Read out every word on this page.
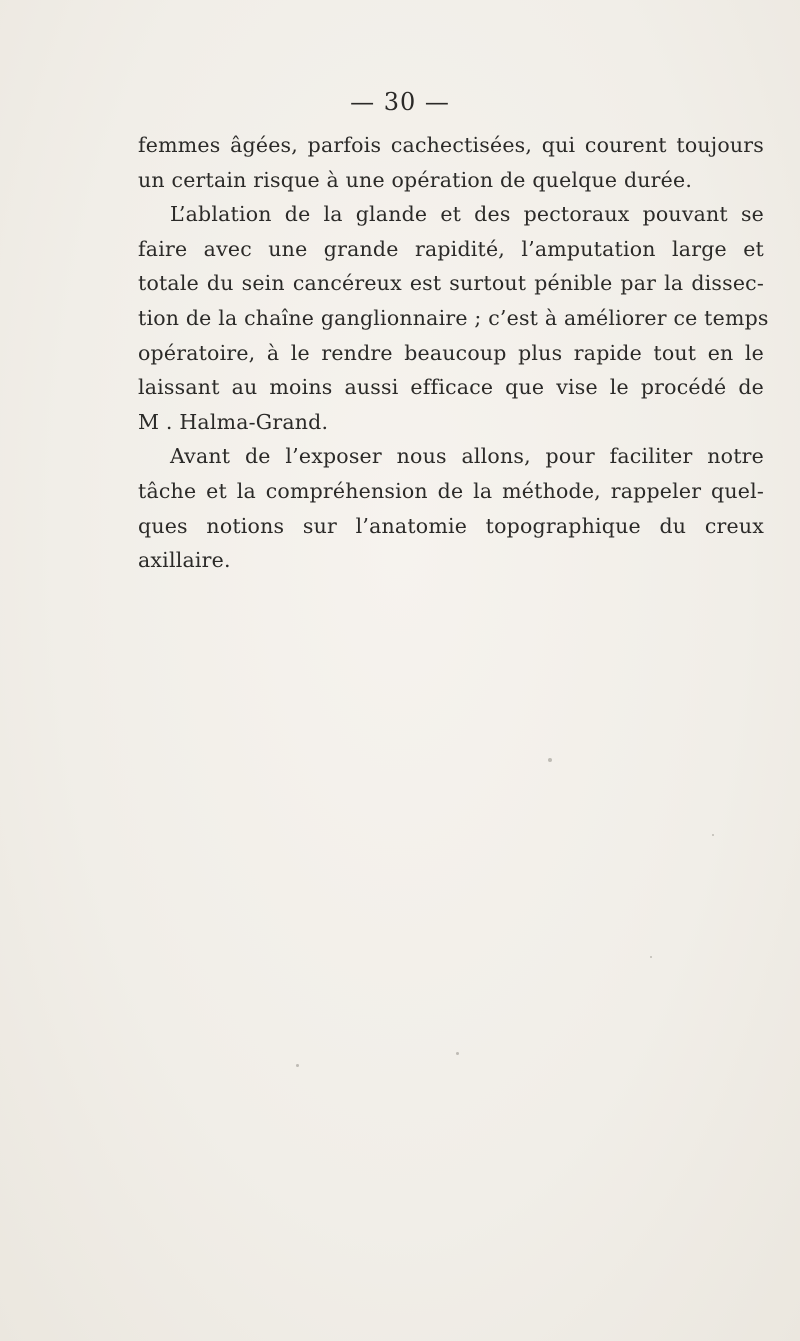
— 30 —
femmes âgées, parfois cachectisées, qui courent toujours
un certain risque à une opération de quelque durée.
L’ablation de la glande et des pectoraux pouvant se
faire avec une grande rapidité, l’amputation large et
totale du sein cancéreux est surtout pénible par la dissec-
tion de la chaîne ganglionnaire ; c’est à améliorer ce temps
opératoire, à le rendre beaucoup plus rapide tout en le
laissant au moins aussi efficace que vise le procédé de
M . Halma-Grand.
Avant de l’exposer nous allons, pour faciliter notre
tâche et la compréhension de la méthode, rappeler quel-
ques notions sur l’anatomie topographique du creux
axillaire.
